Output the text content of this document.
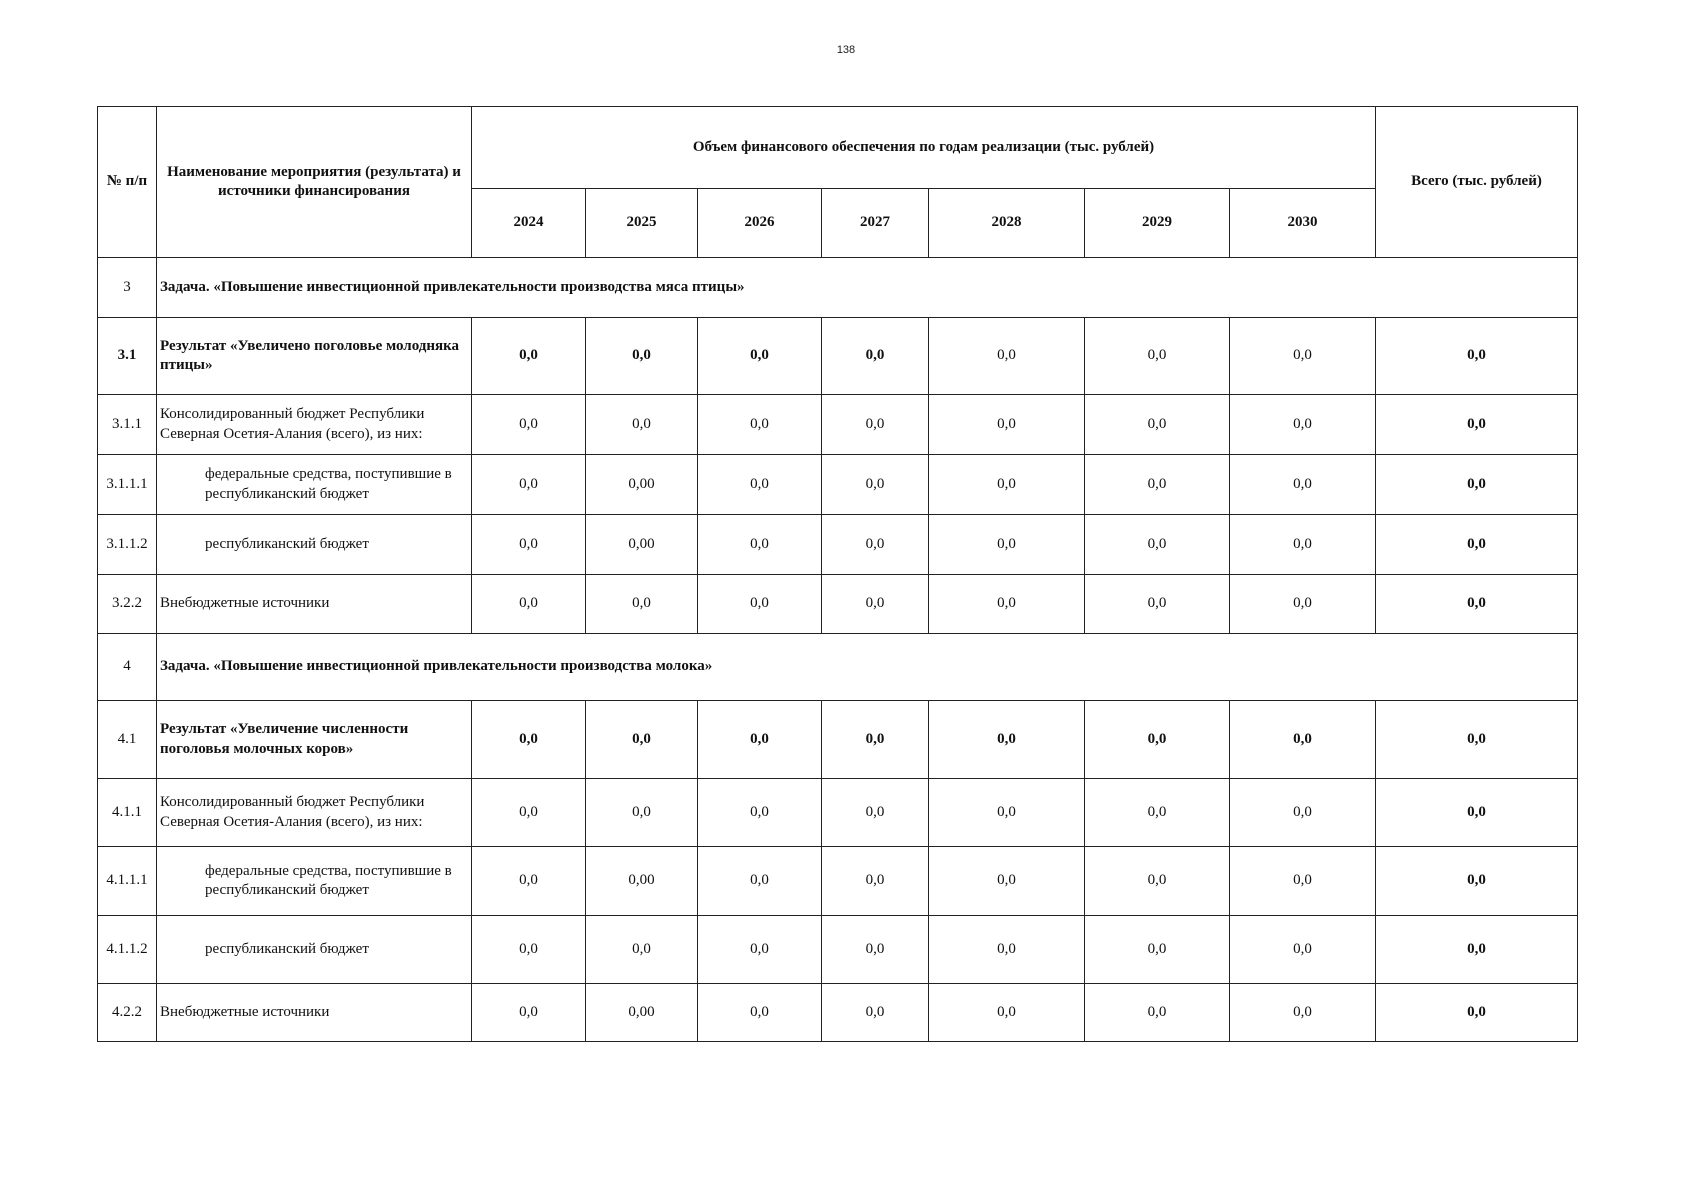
138
№ п/п	Наименование мероприятия (результата) и источники финансирования	Объем финансового обеспечения по годам реализации (тыс. рублей)							Всего (тыс. рублей)
		2024	2025	2026	2027	2028	2029	2030	
3	Задача. «Повышение инвестиционной привлекательности производства мяса птицы»								
3.1	Результат «Увеличено поголовье молодняка птицы»	0,0	0,0	0,0	0,0	0,0	0,0	0,0	0,0
3.1.1	Консолидированный бюджет Республики Северная Осетия-Алания (всего), из них:	0,0	0,0	0,0	0,0	0,0	0,0	0,0	0,0
3.1.1.1	федеральные средства, поступившие в республиканский бюджет	0,0	0,00	0,0	0,0	0,0	0,0	0,0	0,0
3.1.1.2	республиканский бюджет	0,0	0,00	0,0	0,0	0,0	0,0	0,0	0,0
3.2.2	Внебюджетные источники	0,0	0,0	0,0	0,0	0,0	0,0	0,0	0,0
4	Задача. «Повышение инвестиционной привлекательности производства молока»								
4.1	Результат «Увеличение численности поголовья молочных коров»	0,0	0,0	0,0	0,0	0,0	0,0	0,0	0,0
4.1.1	Консолидированный бюджет Республики Северная Осетия-Алания (всего), из них:	0,0	0,0	0,0	0,0	0,0	0,0	0,0	0,0
4.1.1.1	федеральные средства, поступившие в республиканский бюджет	0,0	0,00	0,0	0,0	0,0	0,0	0,0	0,0
4.1.1.2	республиканский бюджет	0,0	0,0	0,0	0,0	0,0	0,0	0,0	0,0
4.2.2	Внебюджетные источники	0,0	0,00	0,0	0,0	0,0	0,0	0,0	0,0
